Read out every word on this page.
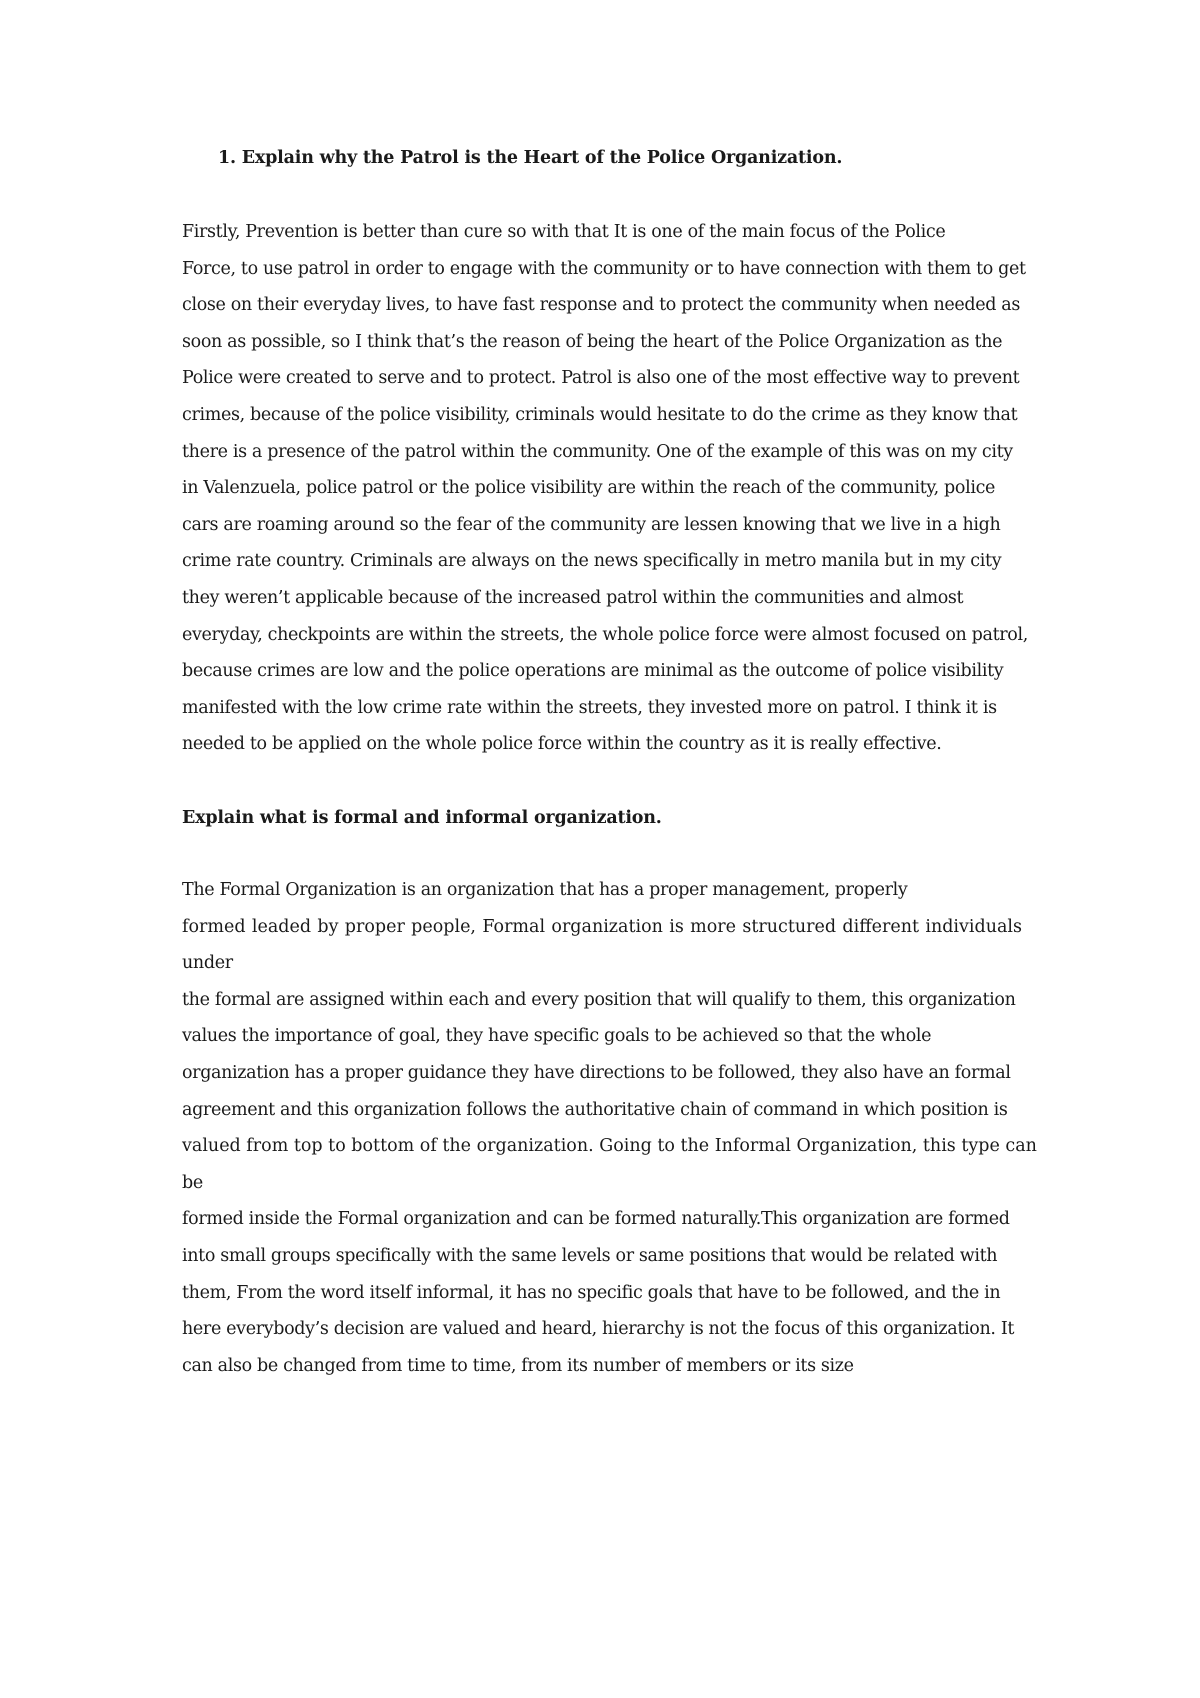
1. Explain why the Patrol is the Heart of the Police Organization.
Firstly, Prevention is better than cure so with that It is one of the main focus of the Police
Force, to use patrol in order to engage with the community or to have connection with them to get
close on their everyday lives, to have fast response and to protect the community when needed as
soon as possible, so I think that’s the reason of being the heart of the Police Organization as the
Police were created to serve and to protect. Patrol is also one of the most effective way to prevent
crimes, because of the police visibility, criminals would hesitate to do the crime as they know that
there is a presence of the patrol within the community. One of the example of this was on my city
in Valenzuela, police patrol or the police visibility are within the reach of the community, police
cars are roaming around so the fear of the community are lessen knowing that we live in a high
crime rate country. Criminals are always on the news specifically in metro manila but in my city
they weren’t applicable because of the increased patrol within the communities and almost
everyday, checkpoints are within the streets, the whole police force were almost focused on patrol,
because crimes are low and the police operations are minimal as the outcome of police visibility
manifested with the low crime rate within the streets, they invested more on patrol. I think it is
needed to be applied on the whole police force within the country as it is really effective.
Explain what is formal and informal organization.
The Formal Organization is an organization that has a proper management, properly
formed leaded by proper people, Formal organization is more structured different individuals
under
the formal are assigned within each and every position that will qualify to them, this organization
values the importance of goal, they have specific goals to be achieved so that the whole
organization has a proper guidance they have directions to be followed, they also have an formal
agreement and this organization follows the authoritative chain of command in which position is
valued from top to bottom of the organization. Going to the Informal Organization, this type can
be
formed inside the Formal organization and can be formed naturally.This organization are formed
into small groups specifically with the same levels or same positions that would be related with
them, From the word itself informal, it has no specific goals that have to be followed, and the in
here everybody’s decision are valued and heard, hierarchy is not the focus of this organization. It
can also be changed from time to time, from its number of members or its size
